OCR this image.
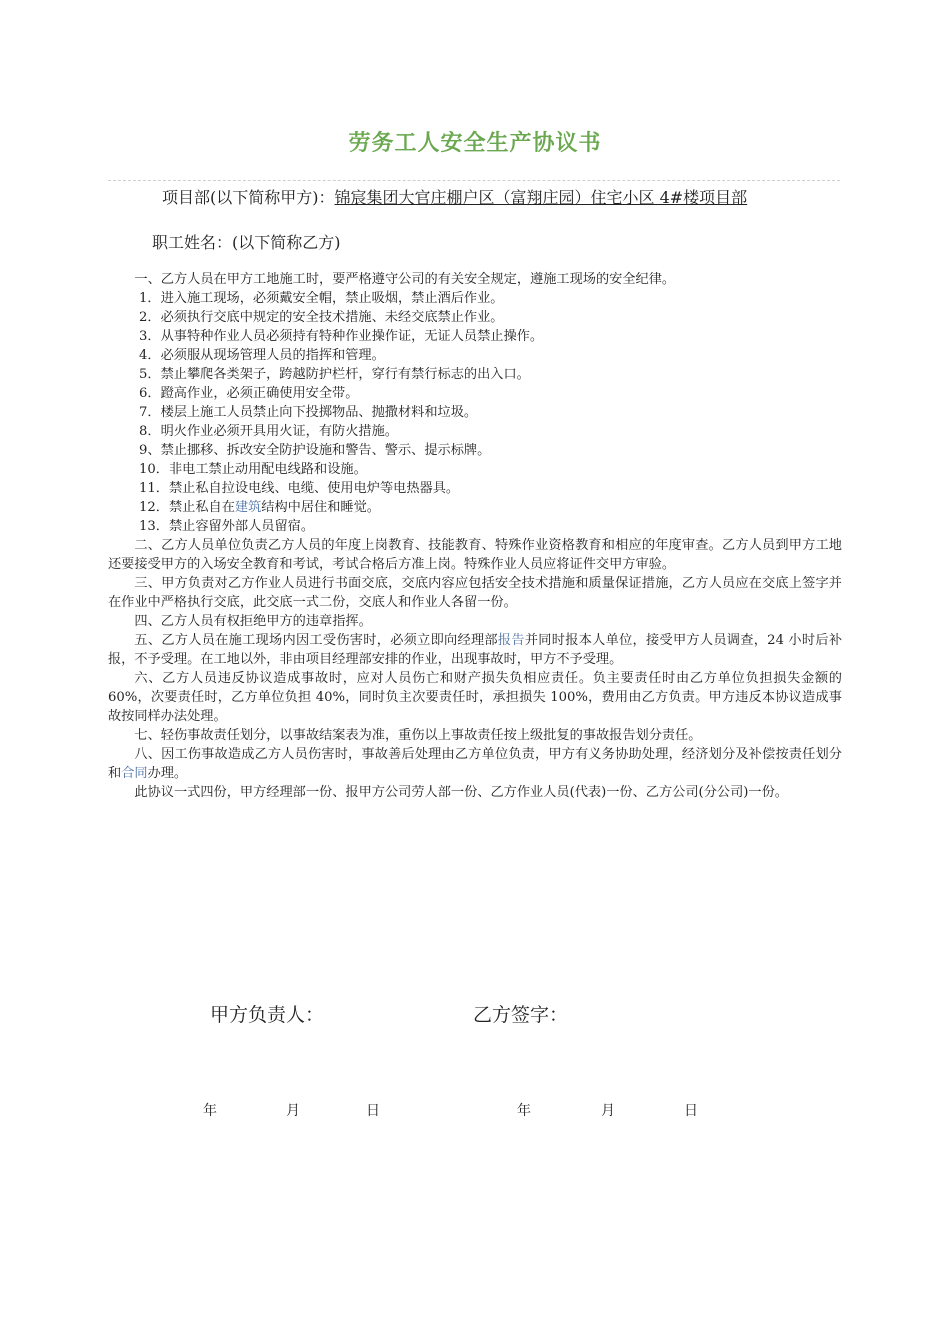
劳务工人安全生产协议书
项目部(以下简称甲方)：锦宸集团大官庄棚户区（富翔庄园）住宅小区 4#楼项目部
职工姓名：(以下简称乙方)

一、乙方人员在甲方工地施工时，要严格遵守公司的有关安全规定，遵施工现场的安全纪律。

1．进入施工现场，必须戴安全帽，禁止吸烟，禁止酒后作业。

2．必须执行交底中规定的安全技术措施、未经交底禁止作业。

3．从事特种作业人员必须持有特种作业操作证，无证人员禁止操作。

4．必须服从现场管理人员的指挥和管理。

5．禁止攀爬各类架子，跨越防护栏杆，穿行有禁行标志的出入口。

6．蹬高作业，必须正确使用安全带。

7．楼层上施工人员禁止向下投掷物品、抛撒材料和垃圾。

8．明火作业必须开具用火证，有防火措施。

9、禁止挪移、拆改安全防护设施和警告、警示、提示标牌。

10．非电工禁止动用配电线路和设施。

11．禁止私自拉设电线、电缆、使用电炉等电热器具。

12．禁止私自在建筑结构中居住和睡觉。

13．禁止容留外部人员留宿。

二、乙方人员单位负责乙方人员的年度上岗教育、技能教育、特殊作业资格教育和相应的年度审查。乙方人员到甲方工地还要接受甲方的入场安全教育和考试，考试合格后方准上岗。特殊作业人员应将证件交甲方审验。

三、甲方负责对乙方作业人员进行书面交底，交底内容应包括安全技术措施和质量保证措施，乙方人员应在交底上签字并在作业中严格执行交底，此交底一式二份，交底人和作业人各留一份。

四、乙方人员有权拒绝甲方的违章指挥。

五、乙方人员在施工现场内因工受伤害时，必须立即向经理部报告并同时报本人单位，接受甲方人员调查，24 小时后补报，不予受理。在工地以外，非由项目经理部安排的作业，出现事故时，甲方不予受理。

六、乙方人员违反协议造成事故时，应对人员伤亡和财产损失负相应责任。负主要责任时由乙方单位负担损失金额的 60%，次要责任时，乙方单位负担 40%，同时负主次要责任时，承担损失 100%，费用由乙方负责。甲方违反本协议造成事故按同样办法处理。

七、轻伤事故责任划分，以事故结案表为准，重伤以上事故责任按上级批复的事故报告划分责任。

八、因工伤事故造成乙方人员伤害时，事故善后处理由乙方单位负责，甲方有义务协助处理，经济划分及补偿按责任划分和合同办理。

此协议一式四份，甲方经理部一份、报甲方公司劳人部一份、乙方作业人员(代表)一份、乙方公司(分公司)一份。

甲方负责人：	乙方签字：
年	月	日	年	月	日
